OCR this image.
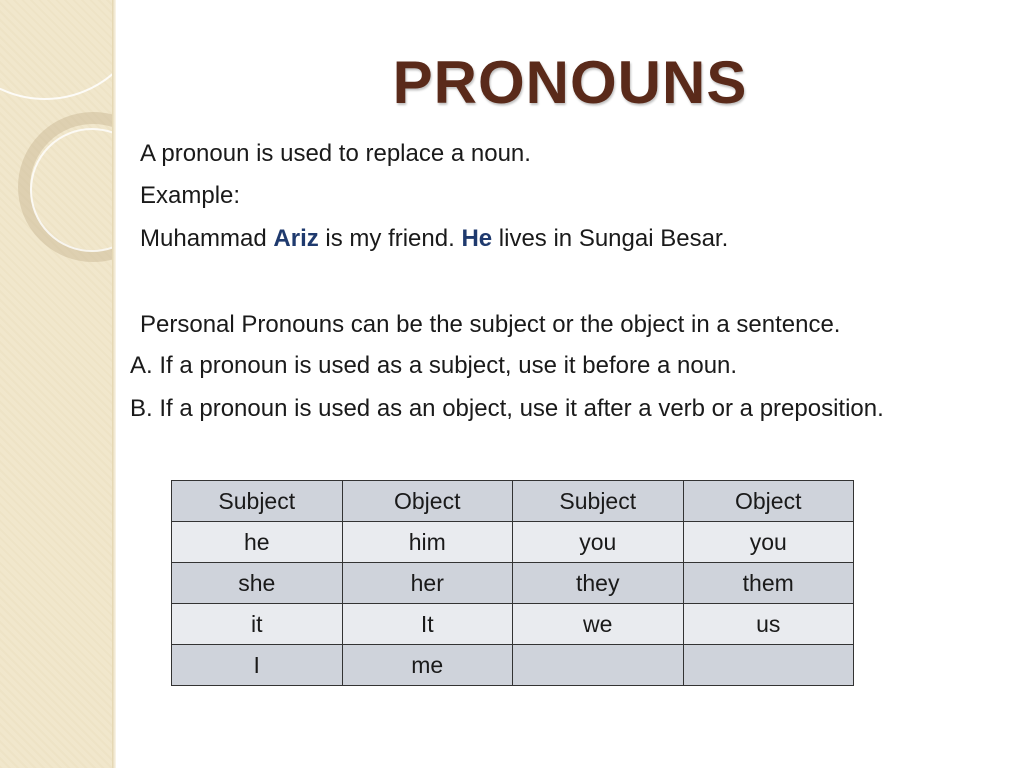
PRONOUNS
A pronoun is used to replace a noun.
Example:
Muhammad Ariz is my friend. He lives in Sungai Besar.
Personal Pronouns can be the subject or the object in a sentence.
A. If a pronoun is used as a subject, use it before a noun.
B. If a pronoun is used as an object, use it after a verb or a preposition.
Subject	Object	Subject	Object
he	him	you	you
she	her	they	them
it	It	we	us
I	me		
